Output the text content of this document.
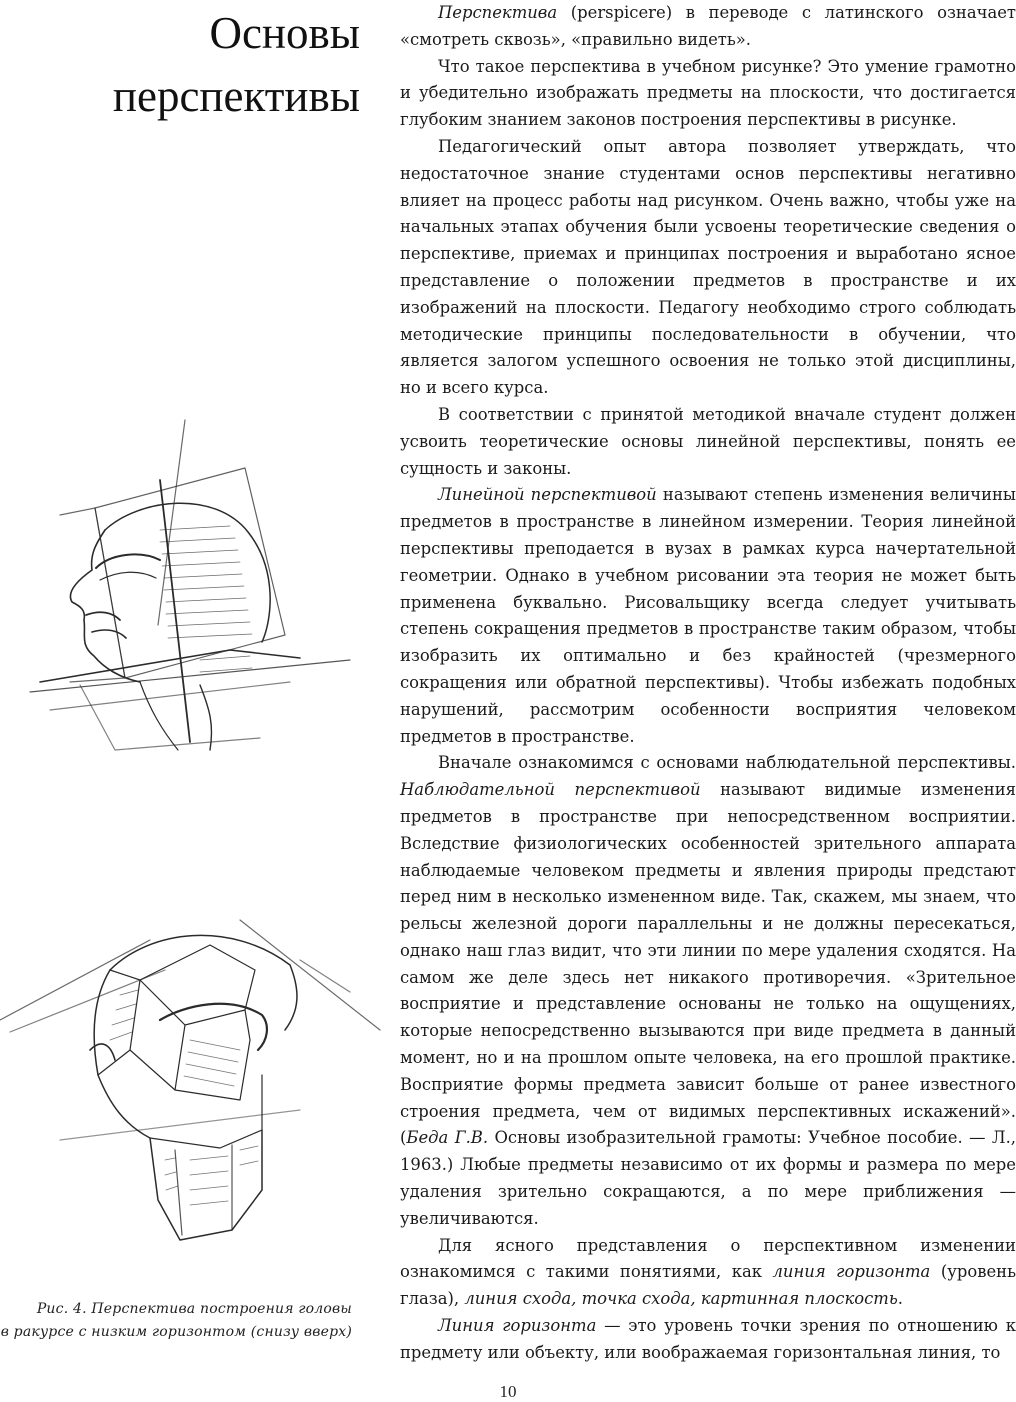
Основы
перспективы
Рис. 4. Перспектива построения головы
в ракурсе с низким горизонтом (снизу вверх)

Перспектива (perspicere) в переводе с латинского означает «смотреть сквозь», «правильно видеть».

Что такое перспектива в учебном рисунке? Это умение грамотно и убедительно изображать предметы на плоскости, что достигается глубоким знанием законов построения перспективы в рисунке.

Педагогический опыт автора позволяет утверждать, что недостаточное знание студентами основ перспективы негативно влияет на процесс работы над рисунком. Очень важно, чтобы уже на начальных этапах обучения были усвоены теоретические сведения о перспективе, приемах и принципах построения и выработано ясное представление о положении предметов в пространстве и их изображений на плоскости. Педагогу необходимо строго соблюдать методические принципы последовательности в обучении, что является залогом успешного освоения не только этой дисциплины, но и всего курса.

В соответствии с принятой методикой вначале студент должен усвоить теоретические основы линейной перспективы, понять ее сущность и законы.

Линейной перспективой называют степень изменения величины предметов в пространстве в линейном измерении. Теория линейной перспективы преподается в вузах в рамках курса начертательной геометрии. Однако в учебном рисовании эта теория не может быть применена буквально. Рисовальщику всегда следует учитывать степень сокращения предметов в пространстве таким образом, чтобы изобразить их оптимально и без крайностей (чрезмерного сокращения или обратной перспективы). Чтобы избежать подобных нарушений, рассмотрим особенности восприятия человеком предметов в пространстве.

Вначале ознакомимся с основами наблюдательной перспективы. Наблюдательной перспективой называют видимые изменения предметов в пространстве при непосредственном восприятии. Вследствие физиологических особенностей зрительного аппарата наблюдаемые человеком предметы и явления природы предстают перед ним в несколько измененном виде. Так, скажем, мы знаем, что рельсы железной дороги параллельны и не должны пересекаться, однако наш глаз видит, что эти линии по мере удаления сходятся. На самом же деле здесь нет никакого противоречия. «Зрительное восприятие и представление основаны не только на ощущениях, которые непосредственно вызываются при виде предмета в данный момент, но и на прошлом опыте человека, на его прошлой практике. Восприятие формы предмета зависит больше от ранее известного строения предмета, чем от видимых перспективных искажений». (Беда Г.В. Основы изобразительной грамоты: Учебное пособие. — Л., 1963.) Любые предметы независимо от их формы и размера по мере удаления зрительно сокращаются, а по мере приближения — увеличиваются.

Для ясного представления о перспективном изменении ознакомимся с такими понятиями, как линия горизонта (уровень глаза), линия схода, точка схода, картинная плоскость.

Линия горизонта — это уровень точки зрения по отношению к предмету или объекту, или воображаемая горизонтальная линия, то

10
